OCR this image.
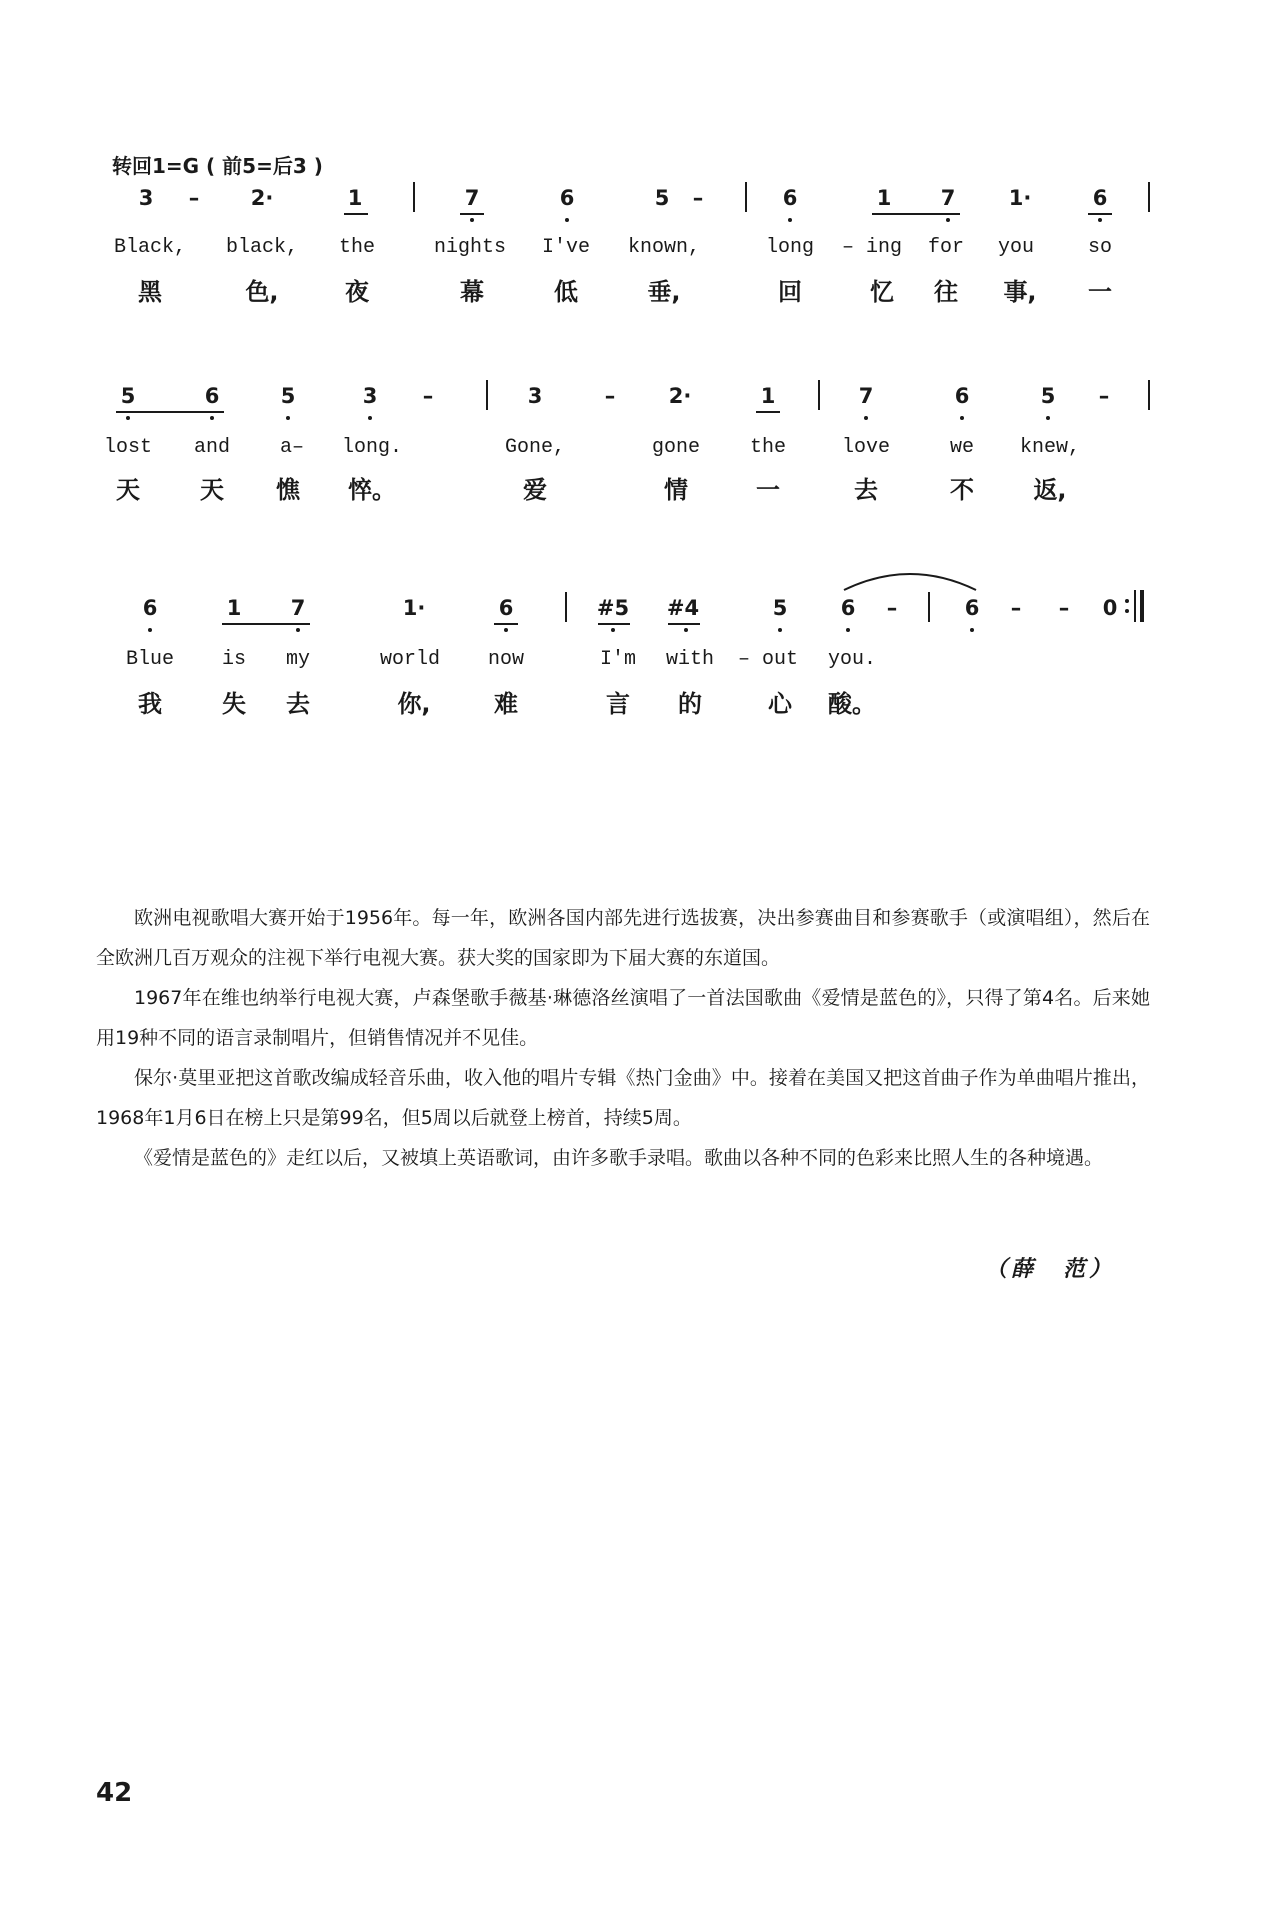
转回1=G ( 前5=后3 )
3 – 2·	1	7	6	5 –	6	1 7	1·	6
Black, black, the	nights I've known,	long – ing for you	so
黑	色,	夜	幕	低	垂,	回	忆 往 事, 一
5	6	5	3 –	3	–	2·	1	7	6	5 –
lost and a– long.	Gone,	gone the	love	we knew,
天	天 憔 悴。	爱	情	一	去	不 返,
6	1 7	1·	6	#5 #4	5	6 –	6 – – 0
Blue is my	world now	I'm with – out you.
我	失 去	你,	难	言 的	心 酸。

欧洲电视歌唱大赛开始于1956年。每一年，欧洲各国内部先进行选拔赛，决出参赛曲目和参赛歌手（或演唱组），然后在全欧洲几百万观众的注视下举行电视大赛。获大奖的国家即为下届大赛的东道国。

1967年在维也纳举行电视大赛，卢森堡歌手薇基·琳德洛丝演唱了一首法国歌曲《爱情是蓝色的》，只得了第4名。后来她用19种不同的语言录制唱片，但销售情况并不见佳。

保尔·莫里亚把这首歌改编成轻音乐曲，收入他的唱片专辑《热门金曲》中。接着在美国又把这首曲子作为单曲唱片推出，1968年1月6日在榜上只是第99名，但5周以后就登上榜首，持续5周。

《爱情是蓝色的》走红以后，又被填上英语歌词，由许多歌手录唱。歌曲以各种不同的色彩来比照人生的各种境遇。

（薛　范）
42
